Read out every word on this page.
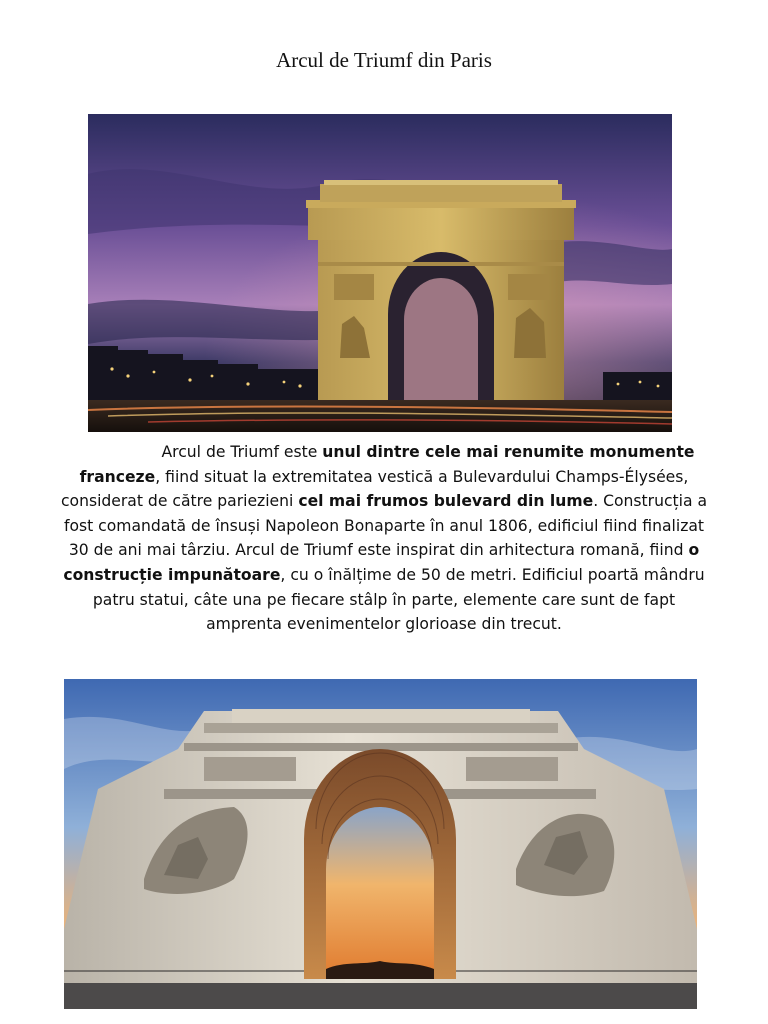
Arcul de Triumf din Paris
Arcul de Triumf este unul dintre cele mai renumite monumente franceze, fiind situat la extremitatea vestică a Bulevardului Champs-Élysées, considerat de către pariezieni cel mai frumos bulevard din lume. Construcția a fost comandată de însuși Napoleon Bonaparte în anul 1806, edificiul fiind finalizat 30 de ani mai târziu. Arcul de Triumf este inspirat din arhitectura romană, fiind o construcție impunătoare, cu o înălțime de 50 de metri. Edificiul poartă mândru patru statui, câte una pe fiecare stâlp în parte, elemente care sunt de fapt amprenta evenimentelor glorioase din trecut.
